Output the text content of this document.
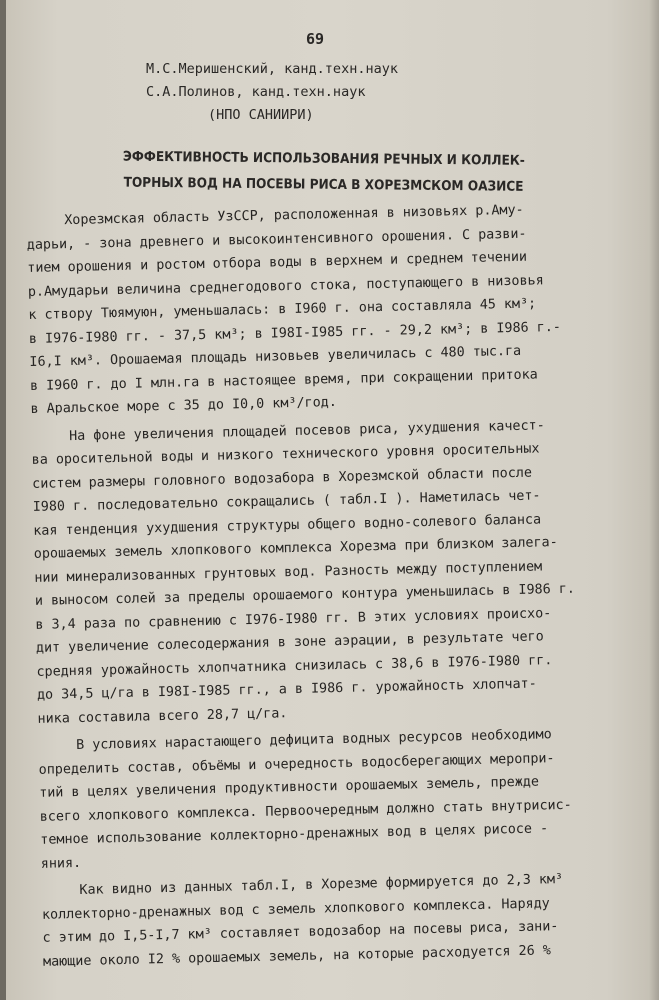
69
М.С.Меришенский, канд.техн.наук
С.А.Полинов, канд.техн.наук
(НПО САНИИРИ)
ЭФФЕКТИВНОСТЬ ИСПОЛЬЗОВАНИЯ РЕЧНЫХ И КОЛЛЕК-
ТОРНЫХ ВОД НА ПОСЕВЫ РИСА В ХОРЕЗМСКОМ ОАЗИСЕ
Хорезмская область УзССР, расположенная в низовьях р.Аму-
дарьи, - зона древнего и высокоинтенсивного орошения. С разви-
тием орошения и ростом отбора воды в верхнем и среднем течении
р.Амударьи величина среднегодового стока, поступающего в низовья
к створу Тюямуюн, уменьшалась: в I960 г. она составляла 45 км³;
в I976-I980 гг. - 37,5 км³; в I98I-I985 гг. - 29,2 км³; в I986 г.-
I6,I км³. Орошаемая площадь низовьев увеличилась с 480 тыс.га
в I960 г. до I млн.га в настоящее время, при сокращении притока
в Аральское море с 35 до I0,0 км³/год.
На фоне увеличения площадей посевов риса, ухудшения качест-
ва оросительной воды и низкого технического уровня оросительных
систем размеры головного водозабора в Хорезмской области после
I980 г. последовательно сокращались ( табл.I ). Наметилась чет-
кая тенденция ухудшения структуры общего водно-солевого баланса
орошаемых земель хлопкового комплекса Хорезма при близком залега-
нии минерализованных грунтовых вод. Разность между поступлением
и выносом солей за пределы орошаемого контура уменьшилась в I986 г.
в 3,4 раза по сравнению с I976-I980 гг. В этих условиях происхо-
дит увеличение солесодержания в зоне аэрации, в результате чего
средняя урожайность хлопчатника снизилась с 38,6 в I976-I980 гг.
до 34,5 ц/га в I98I-I985 гг., а в I986 г. урожайность хлопчат-
ника составила всего 28,7 ц/га.
В условиях нарастающего дефицита водных ресурсов необходимо
определить состав, объёмы и очередность водосберегающих меропри-
тий в целях увеличения продуктивности орошаемых земель, прежде
всего хлопкового комплекса. Первоочередным должно стать внутрисис-
темное использование коллекторно-дренажных вод в целях рисосе -
яния.
Как видно из данных табл.I, в Хорезме формируется до 2,3 км³
коллекторно-дренажных вод с земель хлопкового комплекса. Наряду
с этим до I,5-I,7 км³ составляет водозабор на посевы риса, зани-
мающие около I2 % орошаемых земель, на которые расходуется 26 %
